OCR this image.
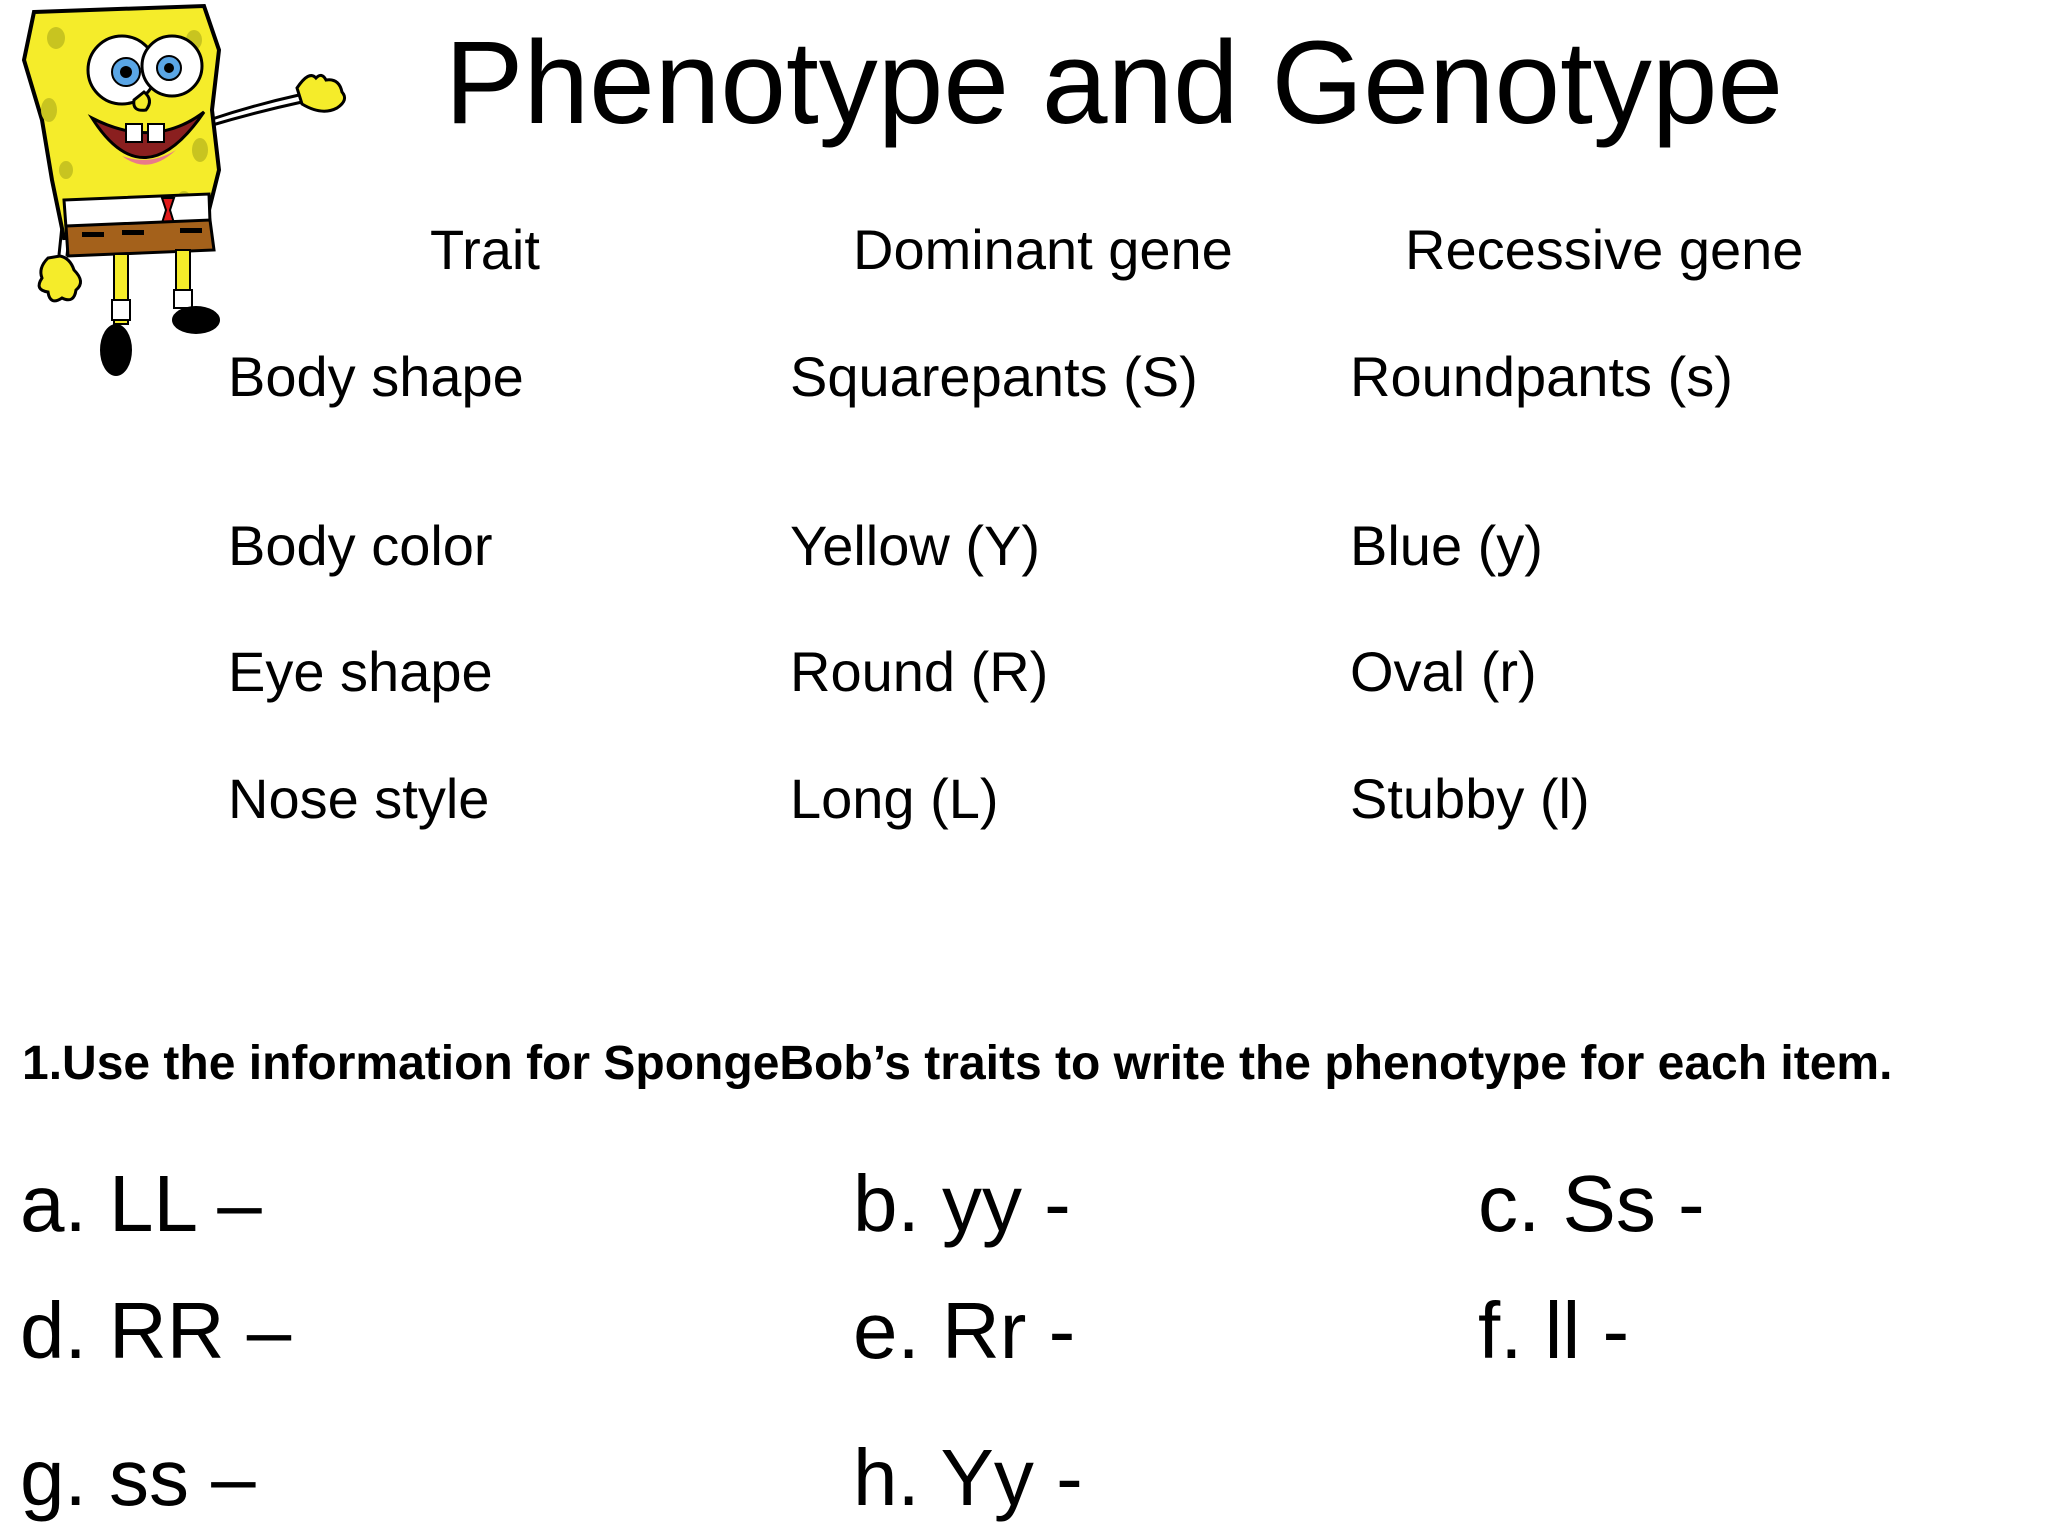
Phenotype and Genotype
Trait	Dominant gene	Recessive gene
Body shape	Squarepants (S)	Roundpants (s)
Body color	Yellow (Y)	Blue (y)
Eye shape	Round (R)	Oval (r)
Nose style	Long (L)	Stubby (l)
1.Use the information for SpongeBob’s traits to write the phenotype for each item.
a. LL –	b. yy -	c. Ss -
d. RR –	e. Rr -	f. ll -
g. ss –	h. Yy -
